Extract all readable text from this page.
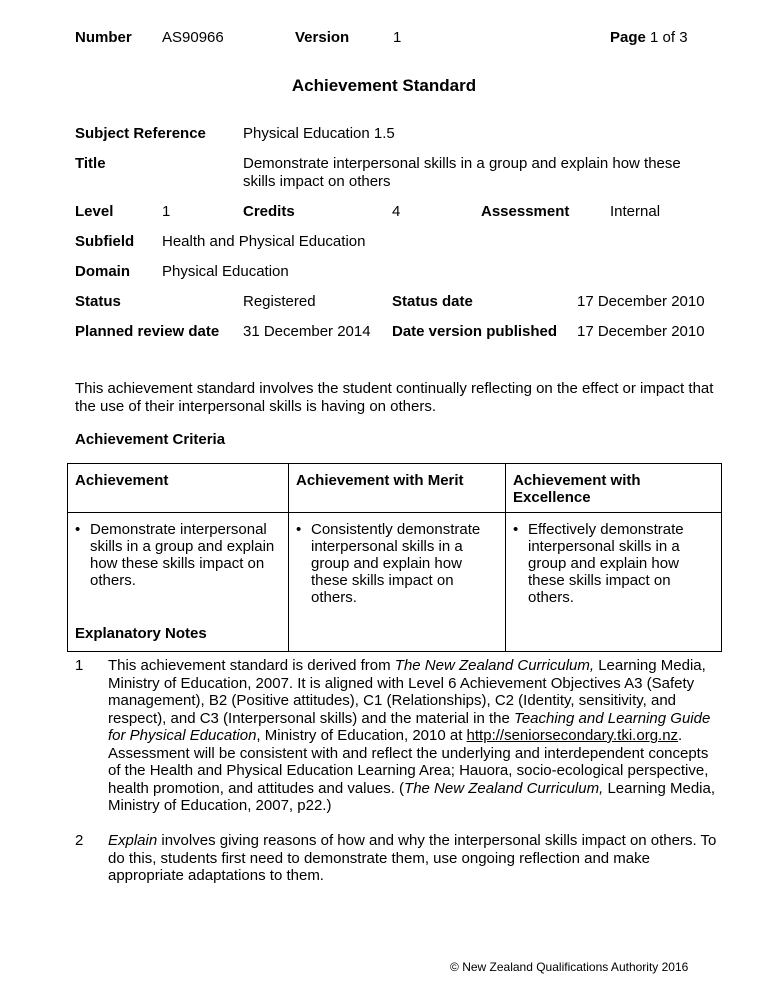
Number AS90966	Version	1	Page 1 of 3
Achievement Standard
Subject Reference Physical Education 1.5
Title	Demonstrate interpersonal skills in a group and explain how these skills impact on others
Level	1	Credits	4	Assessment	Internal
Subfield Health and Physical Education
Domain Physical Education
Status	Registered	Status date	17 December 2010
Planned review date 31 December 2014 Date version published 17 December 2010
This achievement standard involves the student continually reflecting on the effect or impact that the use of their interpersonal skills is having on others.
Achievement Criteria
Achievement	Achievement with Merit	Achievement with Excellence

• Demonstrate interpersonal skills in a group and explain how these skills impact on others.	• Consistently demonstrate interpersonal skills in a group and explain how these skills impact on others.	• Effectively demonstrate interpersonal skills in a group and explain how these skills impact on others.
Explanatory Notes
1 This achievement standard is derived from The New Zealand Curriculum, Learning Media, Ministry of Education, 2007. It is aligned with Level 6 Achievement Objectives A3 (Safety management), B2 (Positive attitudes), C1 (Relationships), C2 (Identity, sensitivity, and respect), and C3 (Interpersonal skills) and the material in the Teaching and Learning Guide for Physical Education, Ministry of Education, 2010 at http://seniorsecondary.tki.org.nz. Assessment will be consistent with and reflect the underlying and interdependent concepts of the Health and Physical Education Learning Area; Hauora, socio-ecological perspective, health promotion, and attitudes and values. (The New Zealand Curriculum, Learning Media, Ministry of Education, 2007, p22.)
2 Explain involves giving reasons of how and why the interpersonal skills impact on others. To do this, students first need to demonstrate them, use ongoing reflection and make appropriate adaptations to them.
© New Zealand Qualifications Authority 2016
